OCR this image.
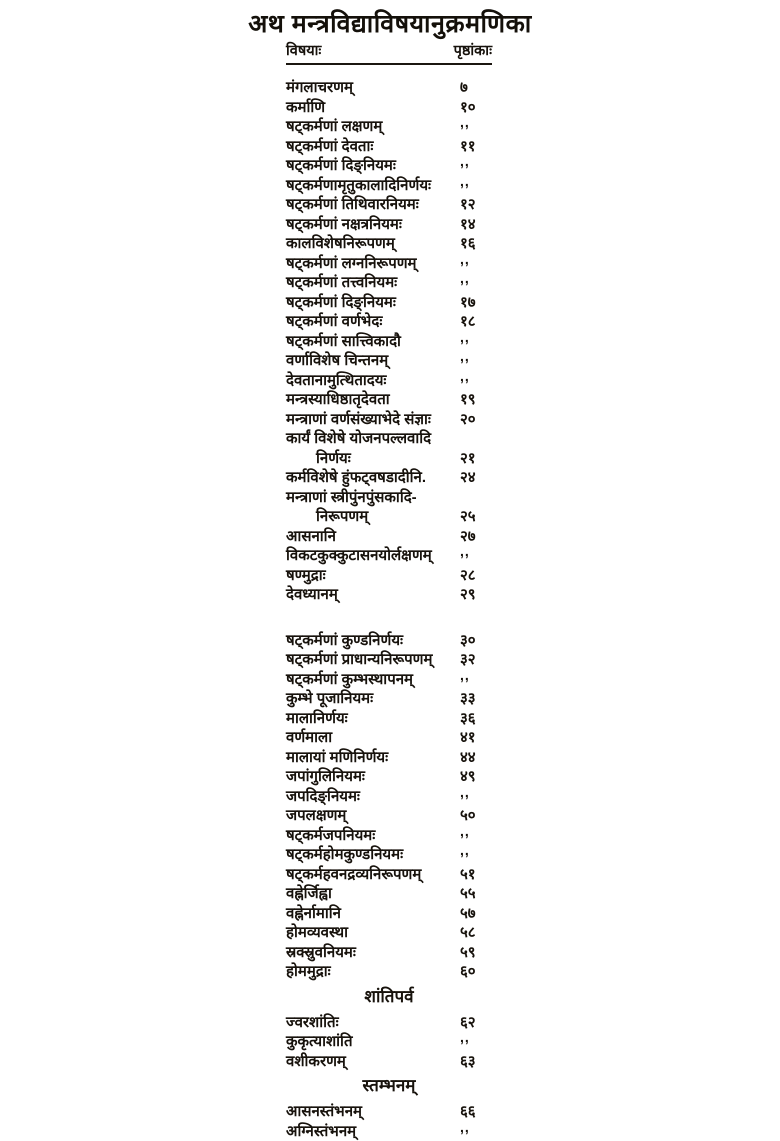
अथ मन्त्रविद्याविषयानुक्रमणिका
विषयाः	पृष्ठांकाः
मंगलाचरणम्	७
कर्माणि	१०
षट्कर्मणां लक्षणम्	,,
षट्कर्मणां देवताः	११
षट्कर्मणां दिङ्नियमः	,,
षट्कर्मणामृतुकालादिनिर्णयः	,,
षट्कर्मणां तिथिवारनियमः	१२
षट्कर्मणां नक्षत्रनियमः	१४
कालविशेषनिरूपणम्	१६
षट्कर्मणां लग्ननिरूपणम्	,,
षट्कर्मणां तत्त्वनियमः	,,
षट्कर्मणां दिङ्नियमः	१७
षट्कर्मणां वर्णभेदः	१८
षट्कर्मणां सात्त्विकादौ	,,
वर्णाविशेष चिन्तनम्	,,
देवतानामुत्थितादयः	,,
मन्त्रस्याधिष्ठातृदेवता	१९
मन्त्राणां वर्णसंख्याभेदे संज्ञाः	२०
कार्यं विशेषे योजनपल्लवादि
निर्णयः	२१
कर्मविशेषे हुंफट्वषडादीनि.	२४
मन्त्राणां स्त्रीपुंनपुंसकादि-
निरूपणम्	२५
आसनानि	२७
विकटकुक्कुटासनयोर्लक्षणम्	,,
षण्मुद्राः	२८
देवध्यानम्	२९
षट्कर्मणां कुण्डनिर्णयः	३०
षट्कर्मणां प्राधान्यनिरूपणम्	३२
षट्कर्मणां कुम्भस्थापनम्	,,
कुम्भे पूजानियमः	३३
मालानिर्णयः	३६
वर्णमाला	४१
मालायां मणिनिर्णयः	४४
जपांगुलिनियमः	४९
जपदिङ्नियमः	,,
जपलक्षणम्	५०
षट्कर्मजपनियमः	,,
षट्कर्महोमकुण्डनियमः	,,
षट्कर्महवनद्रव्यनिरूपणम्	५१
वह्नेर्जिह्वा	५५
वह्नेर्नामानि	५७
होमव्यवस्था	५८
स्रक्स्रुवनियमः	५९
होममुद्राः	६०
शांतिपर्व
ज्वरशांतिः	६२
कुकृत्याशांति	,,
वशीकरणम्	६३
स्तम्भनम्
आसनस्तंभनम्	६६
अग्निस्तंभनम्	,,
